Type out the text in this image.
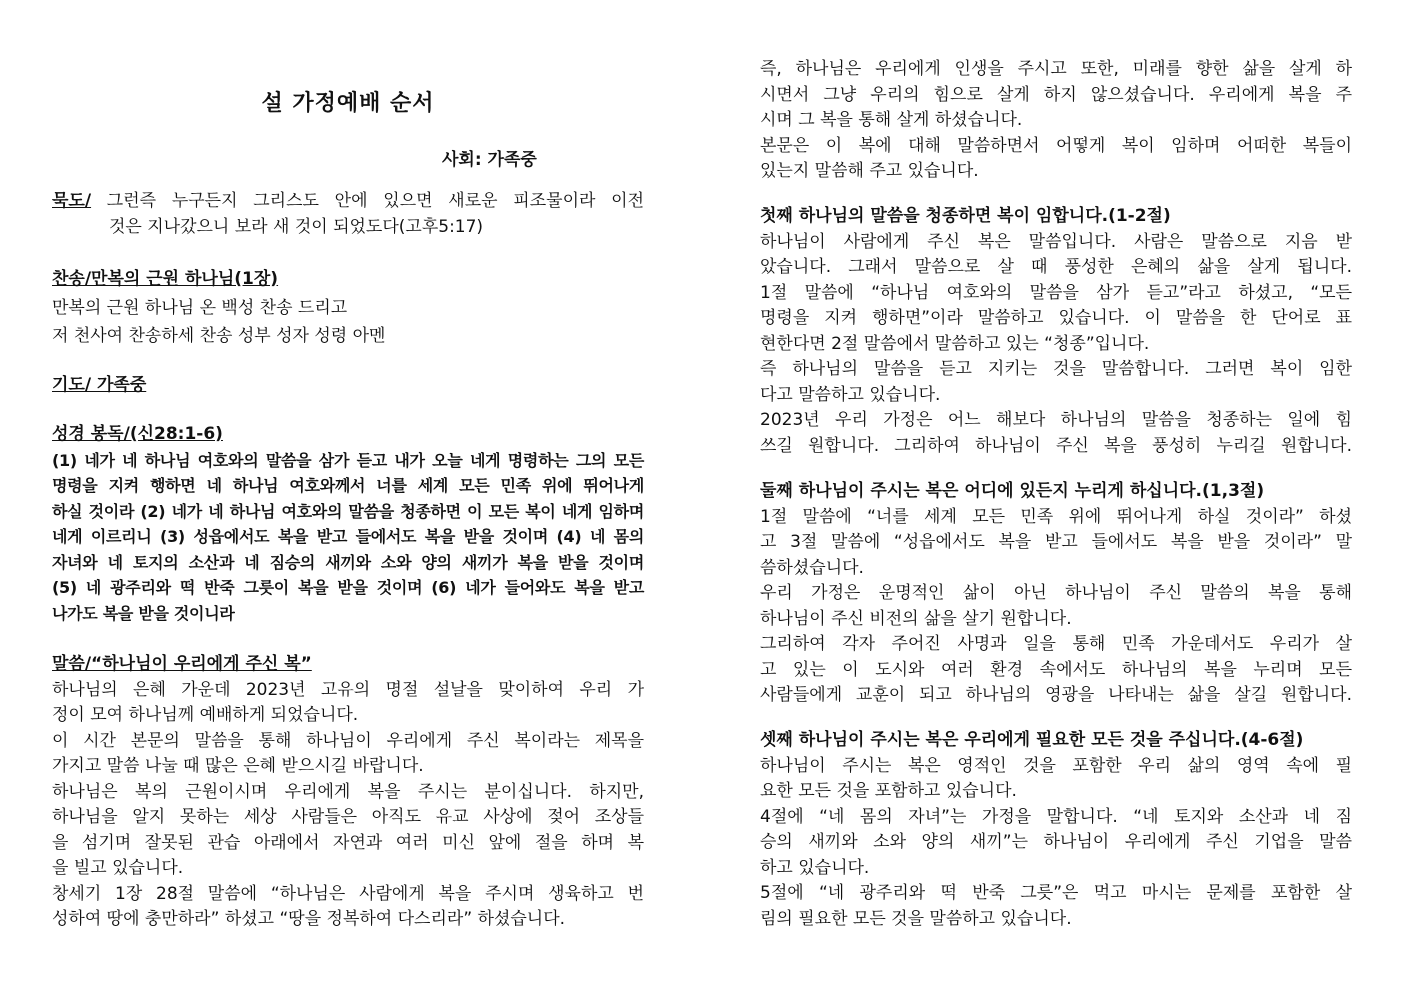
설 가정예배 순서
사회: 가족중
묵도/ 그런즉 누구든지 그리스도 안에 있으면 새로운 피조물이라 이전
것은 지나갔으니 보라 새 것이 되었도다(고후5:17)
찬송/만복의 근원 하나님(1장)
만복의 근원 하나님 온 백성 찬송 드리고
저 천사여 찬송하세 찬송 성부 성자 성령 아멘
기도/ 가족중
성경 봉독/(신28:1-6)
(1) 네가 네 하나님 여호와의 말씀을 삼가 듣고 내가 오늘 네게 명령하는 그의 모든
명령을 지켜 행하면 네 하나님 여호와께서 너를 세계 모든 민족 위에 뛰어나게
하실 것이라 (2) 네가 네 하나님 여호와의 말씀을 청종하면 이 모든 복이 네게 임하며
네게 이르리니 (3) 성읍에서도 복을 받고 들에서도 복을 받을 것이며 (4) 네 몸의
자녀와 네 토지의 소산과 네 짐승의 새끼와 소와 양의 새끼가 복을 받을 것이며
(5) 네 광주리와 떡 반죽 그릇이 복을 받을 것이며 (6) 네가 들어와도 복을 받고
나가도 복을 받을 것이니라
말씀/“하나님이 우리에게 주신 복”
하나님의 은혜 가운데 2023년 고유의 명절 설날을 맞이하여 우리 가
정이 모여 하나님께 예배하게 되었습니다.
이 시간 본문의 말씀을 통해 하나님이 우리에게 주신 복이라는 제목을
가지고 말씀 나눌 때 많은 은혜 받으시길 바랍니다.
하나님은 복의 근원이시며 우리에게 복을 주시는 분이십니다. 하지만,
하나님을 알지 못하는 세상 사람들은 아직도 유교 사상에 젖어 조상들
을 섬기며 잘못된 관습 아래에서 자연과 여러 미신 앞에 절을 하며 복
을 빌고 있습니다.
창세기 1장 28절 말씀에 “하나님은 사람에게 복을 주시며 생육하고 번
성하여 땅에 충만하라” 하셨고 “땅을 정복하여 다스리라” 하셨습니다.
즉, 하나님은 우리에게 인생을 주시고 또한, 미래를 향한 삶을 살게 하
시면서 그냥 우리의 힘으로 살게 하지 않으셨습니다. 우리에게 복을 주
시며 그 복을 통해 살게 하셨습니다.
본문은 이 복에 대해 말씀하면서 어떻게 복이 임하며 어떠한 복들이
있는지 말씀해 주고 있습니다.
첫째 하나님의 말씀을 청종하면 복이 임합니다.(1-2절)
하나님이 사람에게 주신 복은 말씀입니다. 사람은 말씀으로 지음 받
았습니다. 그래서 말씀으로 살 때 풍성한 은혜의 삶을 살게 됩니다.
1절 말씀에 “하나님 여호와의 말씀을 삼가 듣고”라고 하셨고, “모든
명령을 지켜 행하면”이라 말씀하고 있습니다. 이 말씀을 한 단어로 표
현한다면 2절 말씀에서 말씀하고 있는 “청종”입니다.
즉 하나님의 말씀을 듣고 지키는 것을 말씀합니다. 그러면 복이 임한
다고 말씀하고 있습니다.
2023년 우리 가정은 어느 해보다 하나님의 말씀을 청종하는 일에 힘
쓰길 원합니다. 그리하여 하나님이 주신 복을 풍성히 누리길 원합니다.
둘째 하나님이 주시는 복은 어디에 있든지 누리게 하십니다.(1,3절)
1절 말씀에 “너를 세계 모든 민족 위에 뛰어나게 하실 것이라” 하셨
고 3절 말씀에 “성읍에서도 복을 받고 들에서도 복을 받을 것이라” 말
씀하셨습니다.
우리 가정은 운명적인 삶이 아닌 하나님이 주신 말씀의 복을 통해
하나님이 주신 비전의 삶을 살기 원합니다.
그리하여 각자 주어진 사명과 일을 통해 민족 가운데서도 우리가 살
고 있는 이 도시와 여러 환경 속에서도 하나님의 복을 누리며 모든
사람들에게 교훈이 되고 하나님의 영광을 나타내는 삶을 살길 원합니다.
셋째 하나님이 주시는 복은 우리에게 필요한 모든 것을 주십니다.(4-6절)
하나님이 주시는 복은 영적인 것을 포함한 우리 삶의 영역 속에 필
요한 모든 것을 포함하고 있습니다.
4절에 “네 몸의 자녀”는 가정을 말합니다. “네 토지와 소산과 네 짐
승의 새끼와 소와 양의 새끼”는 하나님이 우리에게 주신 기업을 말씀
하고 있습니다.
5절에 “네 광주리와 떡 반죽 그릇”은 먹고 마시는 문제를 포함한 살
림의 필요한 모든 것을 말씀하고 있습니다.
